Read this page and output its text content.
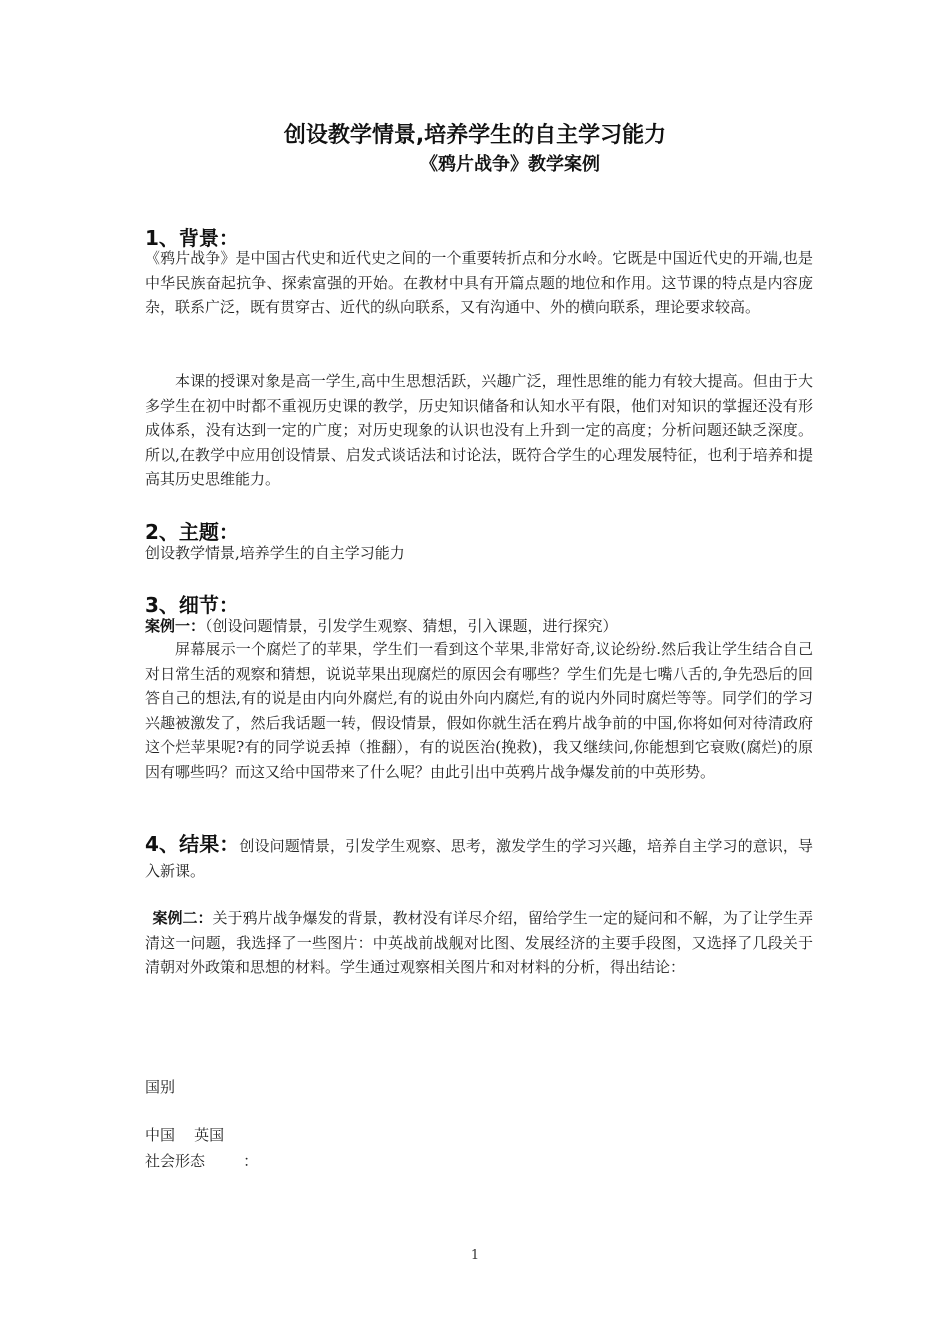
创设教学情景,培养学生的自主学习能力
《鸦片战争》教学案例
1、背景：
《鸦片战争》是中国古代史和近代史之间的一个重要转折点和分水岭。它既是中国近代史的开端,也是中华民族奋起抗争、探索富强的开始。在教材中具有开篇点题的地位和作用。这节课的特点是内容庞杂，联系广泛，既有贯穿古、近代的纵向联系，又有沟通中、外的横向联系，理论要求较高。
本课的授课对象是高一学生,高中生思想活跃，兴趣广泛，理性思维的能力有较大提高。但由于大多学生在初中时都不重视历史课的教学，历史知识储备和认知水平有限，他们对知识的掌握还没有形成体系，没有达到一定的广度；对历史现象的认识也没有上升到一定的高度；分析问题还缺乏深度。所以,在教学中应用创设情景、启发式谈话法和讨论法，既符合学生的心理发展特征，也利于培养和提高其历史思维能力。
2、主题：
创设教学情景,培养学生的自主学习能力
3、细节：
案例一：（创设问题情景，引发学生观察、猜想，引入课题，进行探究）
屏幕展示一个腐烂了的苹果，学生们一看到这个苹果,非常好奇,议论纷纷.然后我让学生结合自己对日常生活的观察和猜想，说说苹果出现腐烂的原因会有哪些？学生们先是七嘴八舌的,争先恐后的回答自己的想法,有的说是由内向外腐烂,有的说由外向内腐烂,有的说内外同时腐烂等等。同学们的学习兴趣被激发了，然后我话题一转，假设情景，假如你就生活在鸦片战争前的中国,你将如何对待清政府这个烂苹果呢?有的同学说丢掉（推翻），有的说医治(挽救)，我又继续问,你能想到它衰败(腐烂)的原因有哪些吗？而这又给中国带来了什么呢？由此引出中英鸦片战争爆发前的中英形势。
4、结果：创设问题情景，引发学生观察、思考，激发学生的学习兴趣，培养自主学习的意识，导入新课。
案例二：关于鸦片战争爆发的背景，教材没有详尽介绍，留给学生一定的疑问和不解，为了让学生弄清这一问题，我选择了一些图片：中英战前战舰对比图、发展经济的主要手段图，又选择了几段关于清朝对外政策和思想的材料。学生通过观察相关图片和对材料的分析，得出结论：
国别
中国    英国
社会形态        ：
1
